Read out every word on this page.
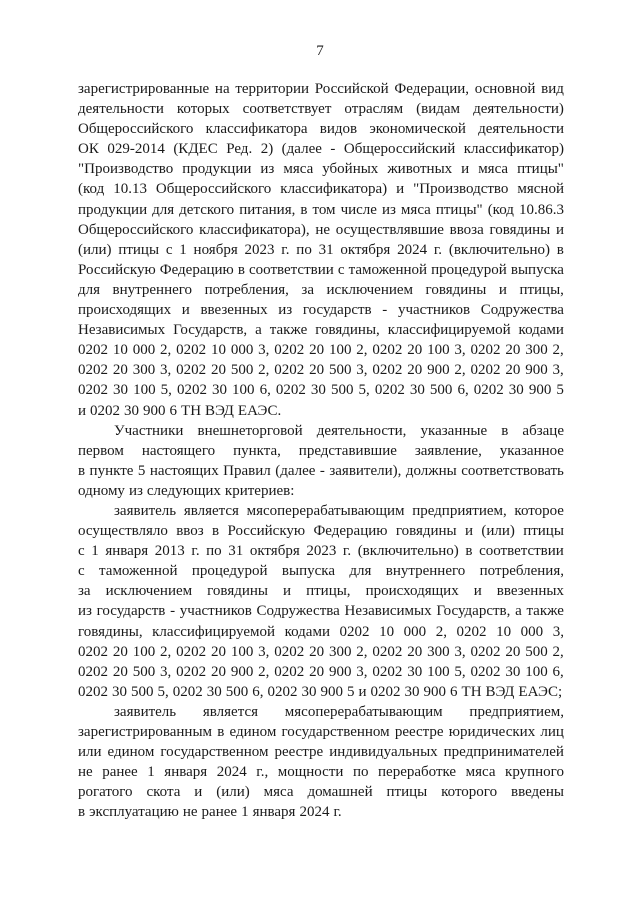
7
зарегистрированные на территории Российской Федерации, основной вид
деятельности которых соответствует отраслям (видам деятельности)
Общероссийского классификатора видов экономической деятельности
ОК 029-2014 (КДЕС Ред. 2) (далее - Общероссийский классификатор)
"Производство продукции из мяса убойных животных и мяса птицы"
(код 10.13 Общероссийского классификатора) и "Производство мясной
продукции для детского питания, в том числе из мяса птицы" (код 10.86.3
Общероссийского классификатора), не осуществлявшие ввоза говядины и
(или) птицы с 1 ноября 2023 г. по 31 октября 2024 г. (включительно) в
Российскую Федерацию в соответствии с таможенной процедурой выпуска
для внутреннего потребления, за исключением говядины и птицы,
происходящих и ввезенных из государств - участников Содружества
Независимых Государств, а также говядины, классифицируемой кодами
0202 10 000 2, 0202 10 000 3, 0202 20 100 2, 0202 20 100 3, 0202 20 300 2,
0202 20 300 3, 0202 20 500 2, 0202 20 500 3, 0202 20 900 2, 0202 20 900 3,
0202 30 100 5, 0202 30 100 6, 0202 30 500 5, 0202 30 500 6, 0202 30 900 5
и 0202 30 900 6 ТН ВЭД ЕАЭС.
Участники внешнеторговой деятельности, указанные в абзаце
первом настоящего пункта, представившие заявление, указанное
в пункте 5 настоящих Правил (далее - заявители), должны соответствовать
одному из следующих критериев:
заявитель является мясоперерабатывающим предприятием, которое
осуществляло ввоз в Российскую Федерацию говядины и (или) птицы
с 1 января 2013 г. по 31 октября 2023 г. (включительно) в соответствии
с таможенной процедурой выпуска для внутреннего потребления,
за исключением говядины и птицы, происходящих и ввезенных
из государств - участников Содружества Независимых Государств, а также
говядины, классифицируемой кодами 0202 10 000 2, 0202 10 000 3,
0202 20 100 2, 0202 20 100 3, 0202 20 300 2, 0202 20 300 3, 0202 20 500 2,
0202 20 500 3, 0202 20 900 2, 0202 20 900 3, 0202 30 100 5, 0202 30 100 6,
0202 30 500 5, 0202 30 500 6, 0202 30 900 5 и 0202 30 900 6 ТН ВЭД ЕАЭС;
заявитель является мясоперерабатывающим предприятием,
зарегистрированным в едином государственном реестре юридических лиц
или едином государственном реестре индивидуальных предпринимателей
не ранее 1 января 2024 г., мощности по переработке мяса крупного
рогатого скота и (или) мяса домашней птицы которого введены
в эксплуатацию не ранее 1 января 2024 г.
